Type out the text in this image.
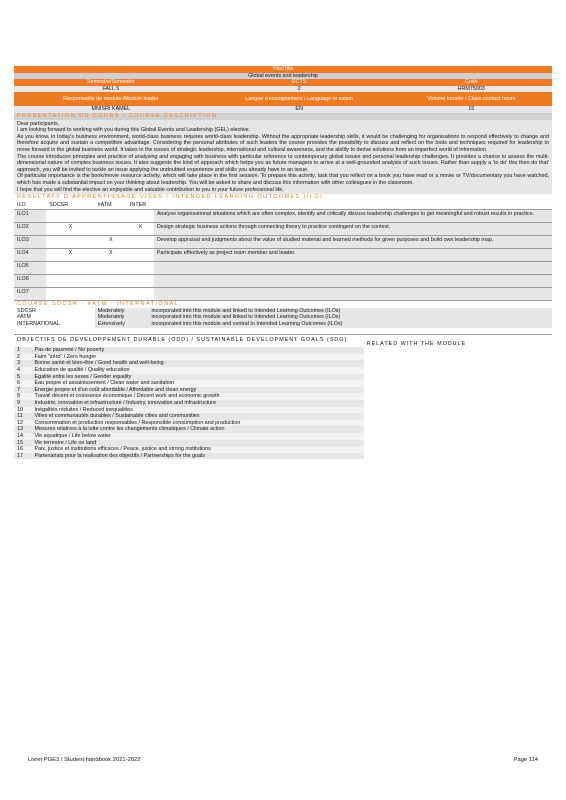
Title/Title
Global events and leadership
Semestre/Semester	ECTS	Code
FALL 5	2	HRM75003
Responsable de module /Module leader	Langue d'enseignement / Language of tuition	Volume horaire / Class contact hours
MNISRI KAMEL	EN	15
PRESENTATION DU COURS / COURSE DESCRIPTION

Dear participants,

I am looking forward to working with you during this Global Events and Leadership (GEL) elective.

As you know, in today's business environment, world-class business requires world-class leadership. Without the appropriate leadership skills, it would be challenging for organisations to respond effectively to change and therefore acquire and sustain a competitive advantage. Considering the personal attributes of such leaders the course provides the possibility to discuss and reflect on the tools and techniques required for leadership to move forward in the global business world. It takes in the issues of strategic leadership, international and cultural awareness, and the ability to derive solutions from an imperfect world of information.

The course introduces principles and practice of analysing and engaging with business with particular reference to contemporary global issues and personal leadership challenges. It provides a chance to assess the multi-dimensional nature of complex business issues. It also suggests the kind of approach which helps you as future managers to arrive at a well-grounded analysis of such issues. Rather than supply a 'to do' this then do that' approach, you will be invited to tackle an issue applying the undoubted experience and skills you already have to an issue.

Of particular importance is the book/movie resource activity, which will take place in the first session. To prepare this activity, task that you reflect on a book you have read or a movie or TV/documentary you have watched, which has made a substantial impact on your thinking about leadership. You will be asked to share and discuss this information with other colleagues in the classroom.

I hope that you will find the elective an enjoyable and valuable contribution to you in your future professional life.

RESULTATS D'APPRENTISSAGE VISES / INTENDED LEARNING OUTCOMES (ILO)
ILO	SDCSR	#ATM	INTER	
ILO1				Analyse organisational situations which are often complex, identify and critically discuss leadership challenges to get meaningful and robust results in practice.
ILO2	X		X	Design strategic business actions through connecting theory to practice contingent on the context.
ILO3		X		Develop appraisal and judgments about the value of studied material and learned methods for given purposes and build own leadership map.
ILO4	X	X		Participate effectively as project team member and leader.
ILO5				
ILO6				
ILO7				
COURSE SDCSR - #ATM - INTERNATIONAL
SDCSR	Moderately	incorporated into this module and linked to Intended Learning Outcomes (ILOs)
#ATM	Moderately	incorporated into this module and linked to Intended Learning Outcomes (ILOs)
INTERNATIONAL	Extensively	incorporated into this module and central to Intended Learning Outcomes (ILOs)
OBJECTIFS DE DEVELOPPEMENT DURABLE (ODD) / SUSTAINABLE DEVELOPMENT GOALS (SDG)
RELATED WITH THE MODULE
1	Pas de pauvreté / No poverty
2	Faim "zéro" / Zero hunger
3	Bonne santé et bien-être / Good health and well-being
4	Education de qualité / Quality education
5	Egalité entre les sexes / Gender equality
6	Eau propre et assainissement / Clean water and sanitation
7	Energie propre et d'un coût abordable / Affordable and clean energy
8	Travail décent et croissance économique / Decent work and economic growth
9	Industrie, innovation et infrastructure / Industry, innovation and infrastructure
10	Inégalités réduites / Reduced inequalities
11	Villes et communautés durables / Sustainable cities and communities
12	Consommation et production responsables / Responsible consumption and production
13	Mesures relatives à la lutte contre les changements climatiques / Climate action
14	Vie aquatique / Life below water
15	Vie terrestre / Life on land
16	Paix, justice et institutions efficaces / Peace, justice and strong institutions
17	Partenariats pour la realisation des objectifs / Partnerships for the goals
Livret PGE3 / Student handbook 2021-2022	Page 114
